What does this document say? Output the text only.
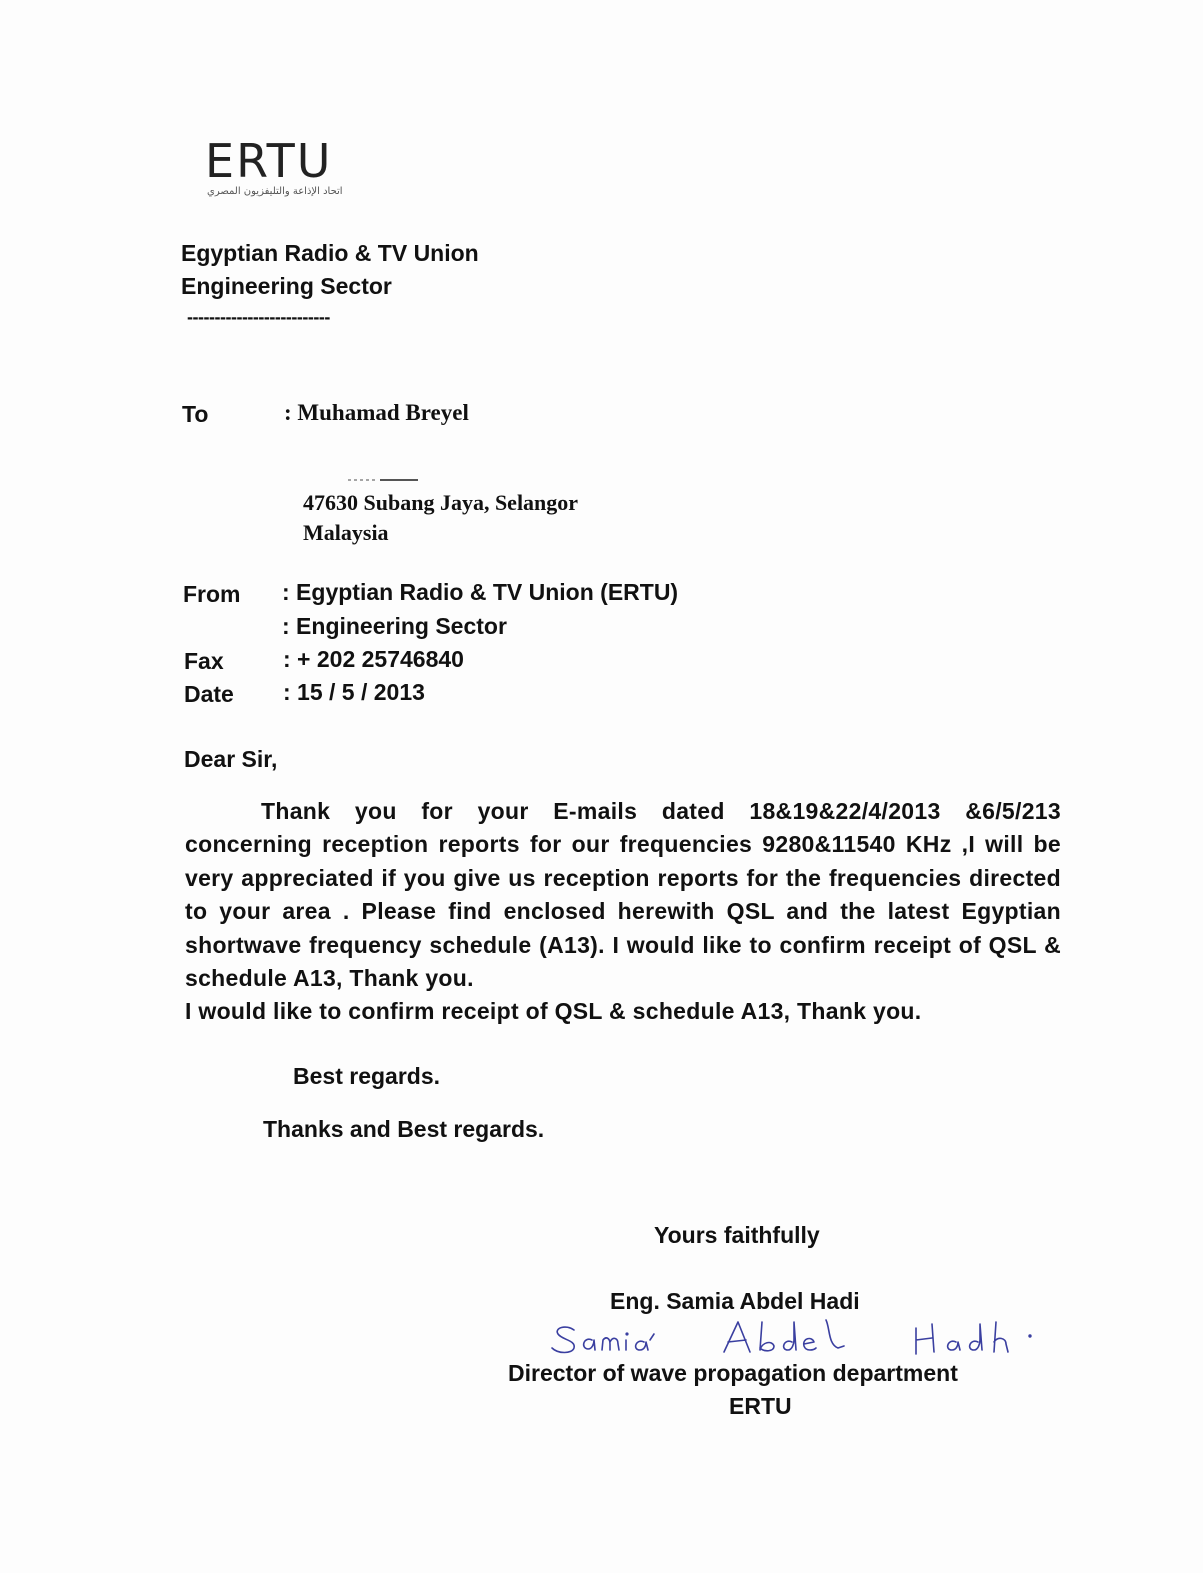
ERTU
اتحاد الإذاعة والتليفزيون المصري
Egyptian Radio & TV Union
Engineering Sector
--------------------------
To	: Muhamad Breyel
47630 Subang Jaya, Selangor
Malaysia
From : Egyptian Radio & TV Union (ERTU)
: Engineering Sector
Fax	: + 202 25746840
Date : 15 / 5 / 2013
Dear Sir,

Thank you for your E-mails dated 18&19&22/4/2013 &6/5/213 concerning reception reports for our frequencies 9280&11540 KHz ,I will be very appreciated if you give us reception reports for the frequencies directed to your area . Please find enclosed herewith QSL and the latest Egyptian shortwave frequency schedule (A13). I would like to confirm receipt of QSL & schedule A13, Thank you.

I would like to confirm receipt of QSL & schedule A13, Thank you.

Best regards.
Thanks and Best regards.
Yours faithfully
Eng. Samia Abdel Hadi
Director of wave propagation department
ERTU
